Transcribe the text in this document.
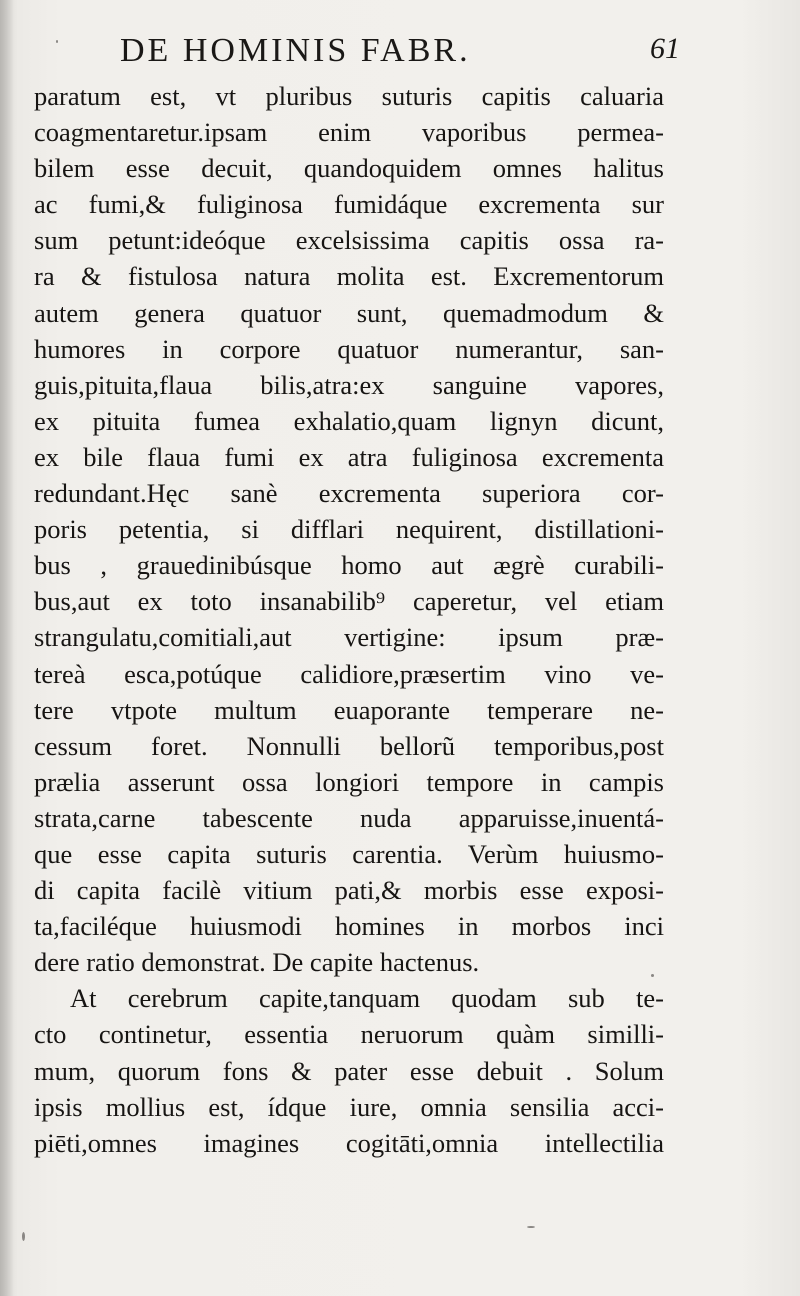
DE HOMINIS FABR.	61
paratum est, vt pluribus suturis capitis caluaria
coagmentaretur.ipsam enim vaporibus permea-
bilem esse decuit, quandoquidem omnes halitus
ac fumi,& fuliginosa fumidáque excrementa sur
sum petunt:ideóque excelsissima capitis ossa ra-
ra & fistulosa natura molita est. Excrementorum
autem genera quatuor sunt, quemadmodum &
humores in corpore quatuor numerantur, san-
guis,pituita,flaua bilis,atra:ex sanguine vapores,
ex pituita fumea exhalatio,quam lignyn dicunt,
ex bile flaua fumi ex atra fuliginosa excrementa
redundant.Hęc sanè excrementa superiora cor-
poris petentia, si difflari nequirent, distillationi-
bus , grauedinibúsque homo aut ægrè curabili-
bus,aut ex toto insanabilib⁹ caperetur, vel etiam
strangulatu,comitiali,aut vertigine: ipsum præ-
tereà esca,potúque calidiore,præsertim vino ve-
tere vtpote multum euaporante temperare ne-
cessum foret. Nonnulli bellorũ temporibus,post
prælia asserunt ossa longiori tempore in campis
strata,carne tabescente nuda apparuisse,inuentá-
que esse capita suturis carentia. Verùm huiusmo-
di capita facilè vitium pati,& morbis esse exposi-
ta,faciléque huiusmodi homines in morbos inci
dere ratio demonstrat. De capite hactenus.
At cerebrum capite,tanquam quodam sub te-
cto continetur, essentia neruorum quàm similli-
mum, quorum fons & pater esse debuit . Solum
ipsis mollius est, ídque iure, omnia sensilia acci-
piēti,omnes imagines cogitāti,omnia intellectilia
